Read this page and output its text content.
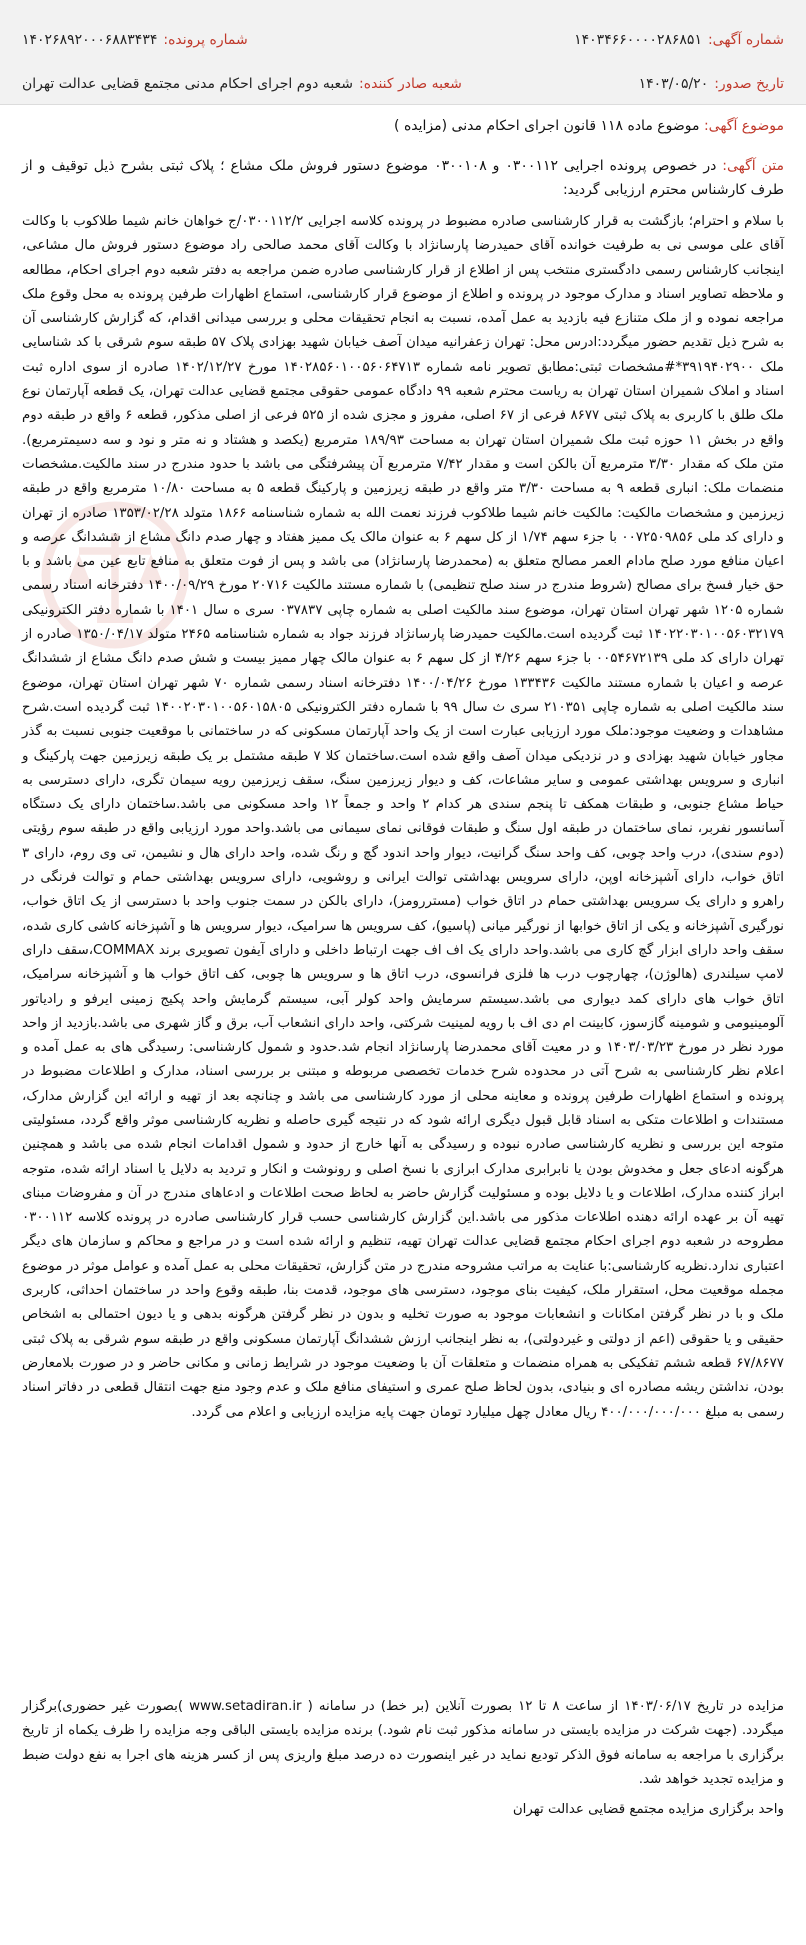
شماره آگهی:۱۴۰۳۴۶۶۰۰۰۰۲۸۶۸۵۱
شماره پرونده:۱۴۰۲۶۸۹۲۰۰۰۶۸۸۳۴۳۴
تاریخ صدور:۱۴۰۳/۰۵/۲۰
شعبه صادر کننده:شعبه دوم اجرای احکام مدنی مجتمع قضایی عدالت تهران
موضوع آگهی: موضوع ماده ۱۱۸ قانون اجرای احکام مدنی (مزایده )
متن آگهی: در خصوص پرونده اجرایی ۰۳۰۰۱۱۲ و ۰۳۰۰۱۰۸ موضوع دستور فروش ملک مشاع ؛ پلاک ثبتی بشرح ذیل توقیف و از طرف کارشناس محترم ارزیابی گردید:
با سلام و احترام؛ بازگشت به قرار کارشناسی صادره مضبوط در پرونده کلاسه اجرایی ۰۳۰۰۱۱۲/۲/ج خواهان خانم شیما طلاکوب با وکالت آقای علی موسی نی به طرفیت خوانده آقای حمیدرضا پارسانژاد با وکالت آقای محمد صالحی راد موضوع دستور فروش مال مشاعی، اینجانب کارشناس رسمی دادگستری منتخب پس از اطلاع از قرار کارشناسی صادره ضمن مراجعه به دفتر شعبه دوم اجرای احکام، مطالعه و ملاحظه تصاویر اسناد و مدارک موجود در پرونده و اطلاع از موضوع قرار کارشناسی، استماع اظهارات طرفین پرونده به محل وقوع ملک مراجعه نموده و از ملک متنازع فیه بازدید به عمل آمده، نسبت به انجام تحقیقات محلی و بررسی میدانی اقدام، که گزارش کارشناسی آن به شرح ذیل تقدیم حضور میگردد:ادرس محل: تهران زعفرانیه میدان آصف خیابان شهید بهزادی پلاک ۵۷ طبقه سوم شرقی با کد شناسایی ملک ۳۹۱۹۴۰۲۹۰۰*#مشخصات ثبتی:مطابق تصویر نامه شماره ۱۴۰۲۸۵۶۰۱۰۰۵۶۰۶۴۷۱۳ مورخ ۱۴۰۲/۱۲/۲۷ صادره از سوی اداره ثبت اسناد و املاک شمیران استان تهران به ریاست محترم شعبه ۹۹ دادگاه عمومی حقوقی مجتمع قضایی عدالت تهران، یک قطعه آپارتمان نوع ملک طلق با کاربری به پلاک ثبتی ۸۶۷۷ فرعی از ۶۷ اصلی، مفروز و مجزی شده از ۵۲۵ فرعی از اصلی مذکور، قطعه ۶ واقع در طبقه دوم واقع در بخش ۱۱ حوزه ثبت ملک شمیران استان تهران به مساحت ۱۸۹/۹۳ مترمربع (یکصد و هشتاد و نه متر و نود و سه دسیمترمربع). متن ملک که مقدار ۳/۳۰ مترمربع آن بالکن است و مقدار ۷/۴۲ مترمربع آن پیشرفتگی می باشد با حدود مندرج در سند مالکیت.مشخصات منضمات ملک: انباری قطعه ۹ به مساحت ۳/۳۰ متر واقع در طبقه زیرزمین و پارکینگ قطعه ۵ به مساحت ۱۰/۸۰ مترمربع واقع در طبقه زیرزمین و مشخصات مالکیت: مالکیت خانم شیما طلاکوب فرزند نعمت الله به شماره شناسنامه ۱۸۶۶ متولد ۱۳۵۳/۰۲/۲۸ صادره از تهران و دارای کد ملی ۰۰۷۲۵۰۹۸۵۶ با جزء سهم ۱/۷۴ از کل سهم ۶ به عنوان مالک یک ممیز هفتاد و چهار صدم دانگ مشاع از ششدانگ عرصه و اعیان منافع مورد صلح مادام العمر مصالح متعلق به (محمدرضا پارسانژاد) می باشد و پس از فوت متعلق به منافع تابع عین می باشد و با حق خیار فسخ برای مصالح (شروط مندرج در سند صلح تنظیمی) با شماره مستند مالکیت ۲۰۷۱۶ مورخ ۱۴۰۰/۰۹/۲۹ دفترخانه اسناد رسمی شماره ۱۲۰۵ شهر تهران استان تهران، موضوع سند مالکیت اصلی به شماره چاپی ۰۳۷۸۳۷ سری ه سال ۱۴۰۱ با شماره دفتر الکترونیکی ۱۴۰۲۲۰۳۰۱۰۰۵۶۰۳۲۱۷۹ ثبت گردیده است.مالکیت حمیدرضا پارسانژاد فرزند جواد به شماره شناسنامه ۲۴۶۵ متولد ۱۳۵۰/۰۴/۱۷ صادره از تهران دارای کد ملی ۰۰۵۴۶۷۲۱۳۹ با جزء سهم ۴/۲۶ از کل سهم ۶ به عنوان مالک چهار ممیز بیست و شش صدم دانگ مشاع از ششدانگ عرصه و اعیان با شماره مستند مالکیت ۱۳۳۴۳۶ مورخ ۱۴۰۰/۰۴/۲۶ دفترخانه اسناد رسمی شماره ۷۰ شهر تهران استان تهران، موضوع سند مالکیت اصلی به شماره چاپی ۲۱۰۳۵۱ سری ث سال ۹۹ با شماره دفتر الکترونیکی ۱۴۰۰۲۰۳۰۱۰۰۵۶۰۱۵۸۰۵ ثبت گردیده است.شرح مشاهدات و وضعیت موجود:ملک مورد ارزیابی عبارت است از یک واحد آپارتمان مسکونی که در ساختمانی با موقعیت جنوبی نسبت به گذر مجاور خیابان شهید بهزادی و در نزدیکی میدان آصف واقع شده است.ساختمان کلا ۷ طبقه مشتمل بر یک طبقه زیرزمین جهت پارکینگ و انباری و سرویس بهداشتی عمومی و سایر مشاعات، کف و دیوار زیرزمین سنگ، سقف زیرزمین رویه سیمان تگری، دارای دسترسی به حیاط مشاع جنوبی، و طبقات همکف تا پنجم سندی هر کدام ۲ واحد و جمعاً ۱۲ واحد مسکونی می باشد.ساختمان دارای یک دستگاه آسانسور نفربر، نمای ساختمان در طبقه اول سنگ و طبقات فوقانی نمای سیمانی می باشد.واحد مورد ارزیابی واقع در طبقه سوم رؤیتی (دوم سندی)، درب واحد چوبی، کف واحد سنگ گرانیت، دیوار واحد اندود گچ و رنگ شده، واحد دارای هال و نشیمن، تی وی روم، دارای ۳ اتاق خواب، دارای آشپزخانه اوپن، دارای سرویس بهداشتی توالت ایرانی و روشویی، دارای سرویس بهداشتی حمام و توالت فرنگی در راهرو و دارای یک سرویس بهداشتی حمام در اتاق خواب (مستررومز)، دارای بالکن در سمت جنوب واحد با دسترسی از یک اتاق خواب، نورگیری آشپزخانه و یکی از اتاق خوابها از نورگیر میانی (پاسیو)، کف سرویس ها سرامیک، دیوار سرویس ها و آشپزخانه کاشی کاری شده، سقف واحد دارای ابزار گچ کاری می باشد.واحد دارای یک اف اف جهت ارتباط داخلی و دارای آیفون تصویری برند COMMAX،سقف دارای لامپ سیلندری (هالوژن)، چهارچوب درب ها فلزی فرانسوی، درب اتاق ها و سرویس ها چوبی، کف اتاق خواب ها و آشپزخانه سرامیک، اتاق خواب های دارای کمد دیواری می باشد.سیستم سرمایش واحد کولر آبی، سیستم گرمایش واحد پکیج زمینی ایرفو و رادیاتور آلومینیومی و شومینه گازسوز، کابینت ام دی اف با رویه لمینیت شرکتی، واحد دارای انشعاب آب، برق و گاز شهری می باشد.بازدید از واحد مورد نظر در مورخ ۱۴۰۳/۰۳/۲۳ و در معیت آقای محمدرضا پارسانژاد انجام شد.حدود و شمول کارشناسی: رسیدگی های به عمل آمده و اعلام نظر کارشناسی به شرح آتی در محدوده شرح خدمات تخصصی مربوطه و مبتنی بر بررسی اسناد، مدارک و اطلاعات مضبوط در پرونده و استماع اظهارات طرفین پرونده و معاینه محلی از مورد کارشناسی می باشد و چنانچه بعد از تهیه و ارائه این گزارش مدارک، مستندات و اطلاعات متکی به اسناد قابل قبول دیگری ارائه شود که در نتیجه گیری حاصله و نظریه کارشناسی موثر واقع گردد، مسئولیتی متوجه این بررسی و نظریه کارشناسی صادره نبوده و رسیدگی به آنها خارج از حدود و شمول اقدامات انجام شده می باشد و همچنین هرگونه ادعای جعل و مخدوش بودن یا نابرابری مدارک ابرازی با نسخ اصلی و رونوشت و انکار و تردید به دلایل یا اسناد ارائه شده، متوجه ابراز کننده مدارک، اطلاعات و یا دلایل بوده و مسئولیت گزارش حاضر به لحاظ صحت اطلاعات و ادعاهای مندرج در آن و مفروضات مبنای تهیه آن بر عهده ارائه دهنده اطلاعات مذکور می باشد.این گزارش کارشناسی حسب قرار کارشناسی صادره در پرونده کلاسه ۰۳۰۰۱۱۲ مطروحه در شعبه دوم اجرای احکام مجتمع قضایی عدالت تهران تهیه، تنظیم و ارائه شده است و در مراجع و محاکم و سازمان های دیگر اعتباری ندارد.نظریه کارشناسی:با عنایت به مراتب مشروحه مندرج در متن گزارش، تحقیقات محلی به عمل آمده و عوامل موثر در موضوع مجمله موقعیت محل، استقرار ملک، کیفیت بنای موجود، دسترسی های موجود، قدمت بنا، طبقه وقوع واحد در ساختمان احداثی، کاربری ملک و با در نظر گرفتن امکانات و انشعابات موجود به صورت تخلیه و بدون در نظر گرفتن هرگونه بدهی و یا دیون احتمالی به اشخاص حقیقی و یا حقوقی (اعم از دولتی و غیردولتی)، به نظر اینجانب ارزش ششدانگ آپارتمان مسکونی واقع در طبقه سوم شرقی به پلاک ثبتی ۶۷/۸۶۷۷ قطعه ششم تفکیکی به همراه منضمات و متعلقات آن با وضعیت موجود در شرایط زمانی و مکانی حاضر و در صورت بلامعارض بودن، نداشتن ریشه مصادره ای و بنیادی، بدون لحاظ صلح عمری و استیفای منافع ملک و عدم وجود منع جهت انتقال قطعی در دفاتر اسناد رسمی به مبلغ ۴۰۰/۰۰۰/۰۰۰/۰۰۰ ریال معادل چهل میلیارد تومان جهت پایه مزایده ارزیابی و اعلام می گردد.
مزایده در تاریخ ۱۴۰۳/۰۶/۱۷ از ساعت ۸ تا ۱۲ بصورت آنلاین (بر خط) در سامانه ( www.setadiran.ir )بصورت غیر حضوری)برگزار میگردد. (جهت شرکت در مزایده بایستی در سامانه مذکور ثبت نام شود.) برنده مزایده بایستی الباقی وجه مزایده را ظرف یکماه از تاریخ برگزاری با مراجعه به سامانه فوق الذکر تودیع نماید در غیر اینصورت ده درصد مبلغ واریزی پس از کسر هزینه های اجرا به نفع دولت ضبط و مزایده تجدید خواهد شد.
واحد برگزاری مزایده مجتمع قضایی عدالت تهران
